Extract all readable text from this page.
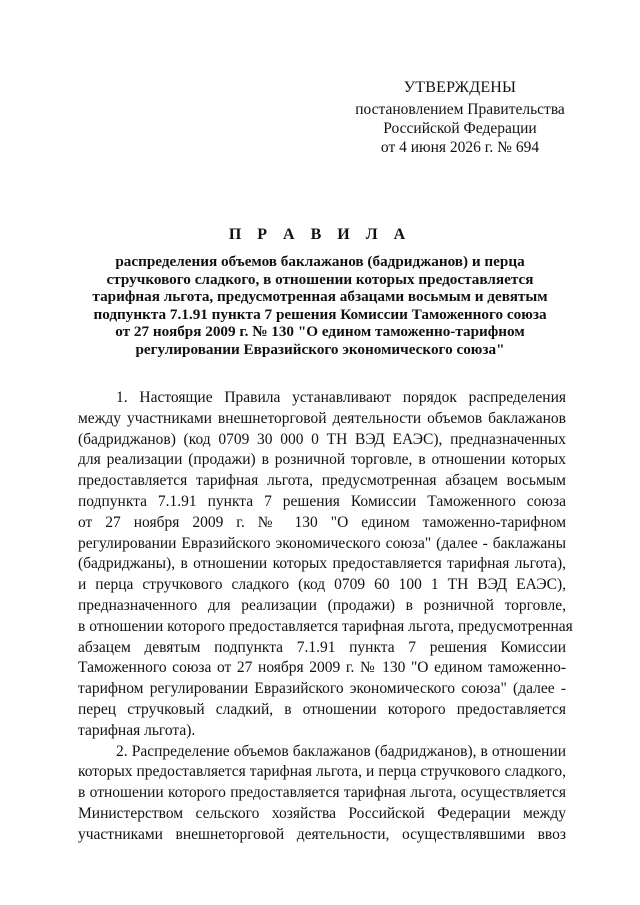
УТВЕРЖДЕНЫ
постановлением Правительства
Российской Федерации
от 4 июня 2026 г. № 694
П Р А В И Л А
распределения объемов баклажанов (бадриджанов) и перца
стручкового сладкого, в отношении которых предоставляется
тарифная льгота, предусмотренная абзацами восьмым и девятым
подпункта 7.1.91 пункта 7 решения Комиссии Таможенного союза
от 27 ноября 2009 г. № 130 "О едином таможенно-тарифном
регулировании Евразийского экономического союза"
1. Настоящие Правила устанавливают порядок распределения
между участниками внешнеторговой деятельности объемов баклажанов
(бадриджанов) (код 0709 30 000 0 ТН ВЭД ЕАЭС), предназначенных
для реализации (продажи) в розничной торговле, в отношении которых
предоставляется тарифная льгота, предусмотренная абзацем восьмым
подпункта 7.1.91 пункта 7 решения Комиссии Таможенного союза
от 27 ноября 2009 г. № 130 "О едином таможенно-тарифном
регулировании Евразийского экономического союза" (далее - баклажаны
(бадриджаны), в отношении которых предоставляется тарифная льгота),
и перца стручкового сладкого (код 0709 60 100 1 ТН ВЭД ЕАЭС),
предназначенного для реализации (продажи) в розничной торговле,
в отношении которого предоставляется тарифная льгота, предусмотренная
абзацем девятым подпункта 7.1.91 пункта 7 решения Комиссии
Таможенного союза от 27 ноября 2009 г. № 130 "О едином таможенно-
тарифном регулировании Евразийского экономического союза" (далее -
перец стручковый сладкий, в отношении которого предоставляется
тарифная льгота).
2. Распределение объемов баклажанов (бадриджанов), в отношении
которых предоставляется тарифная льгота, и перца стручкового сладкого,
в отношении которого предоставляется тарифная льгота, осуществляется
Министерством сельского хозяйства Российской Федерации между
участниками внешнеторговой деятельности, осуществлявшими ввоз
